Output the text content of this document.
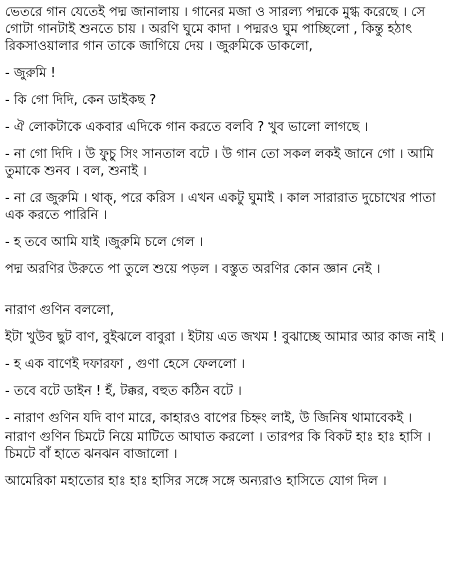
ভেতরে গান যেতেই পদ্ম জানালায় । গানের মজা ও সারল্য পদ্মকে মুগ্ধ করেছে । সে গোটা গানটাই শুনতে চায় । অরণি ঘুমে কাদা । পদ্মরও ঘুম পাচ্ছিলো , কিন্তু হঠাৎ রিকসাওয়ালার গান তাকে জাগিয়ে দেয় । জুরুমিকে ডাকলো,

- জুরুমি !

- কি গো দিদি, কেন ডাইকছ ?

- ঐ লোকটাকে একবার এদিকে গান করতে বলবি ? খুব ভালো লাগছে ।

- না গো দিদি । উ ফুচু সিং সানতাল বটে । উ গান তো সকল লকই জানে গো । আমি তুমাকে শুনব । বল, শুনাই ।

- না রে জুরুমি । থাক্, পরে করিস । এখন একটু ঘুমাই । কাল সারারাত দুচোখের পাতা এক করতে পারিনি ।

- হ তবে আমি যাই ।জুরুমি চলে গেল ।

পদ্ম অরণির উরুতে পা তুলে শুয়ে পড়ল । বস্তুত অরণির কোন জ্ঞান নেই ।

নারাণ গুণিন বললো,

ইটা খুউব ছুট বাণ, বুইঝলে বাবুরা । ইটায় এত জখম ! বুঝাচ্ছে আমার আর কাজ নাই ।

- হ এক বাণেই দফারফা , গুণা হেসে ফেললো ।

- তবে বটে ডাইন ! হঁ, টক্কর, বহুত কঠিন বটে ।

- নারাণ গুণিন যদি বাণ মারে, কাহারও বাপের চিহ্নং লাই, উ জিনিষ থামাবেকই ।

নারাণ গুণিন চিমটে নিয়ে মাটিতে আঘাত করলো । তারপর কি বিকট হাঃ হাঃ হাসি । চিমটে বাঁ হাতে ঝনঝন বাজালো ।

আমেরিকা মহাতোর হাঃ হাঃ হাসির সঙ্গে সঙ্গে অন্যরাও হাসিতে যোগ দিল ।
